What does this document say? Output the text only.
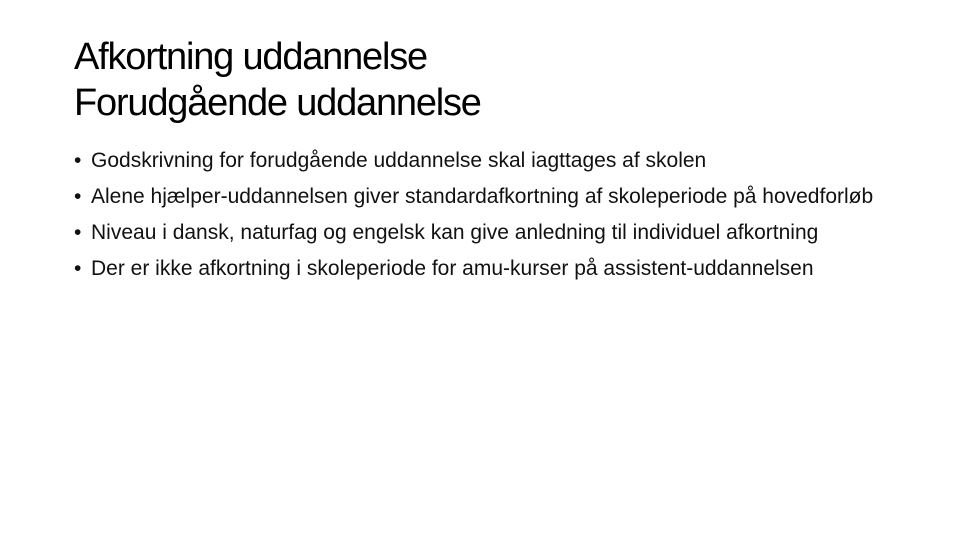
Afkortning uddannelse
Forudgående uddannelse
• Godskrivning for forudgående uddannelse skal iagttages af skolen
• Alene hjælper-uddannelsen giver standardafkortning af skoleperiode på hovedforløb
• Niveau i dansk, naturfag og engelsk kan give anledning til individuel afkortning
• Der er ikke afkortning i skoleperiode for amu-kurser på assistent-uddannelsen
